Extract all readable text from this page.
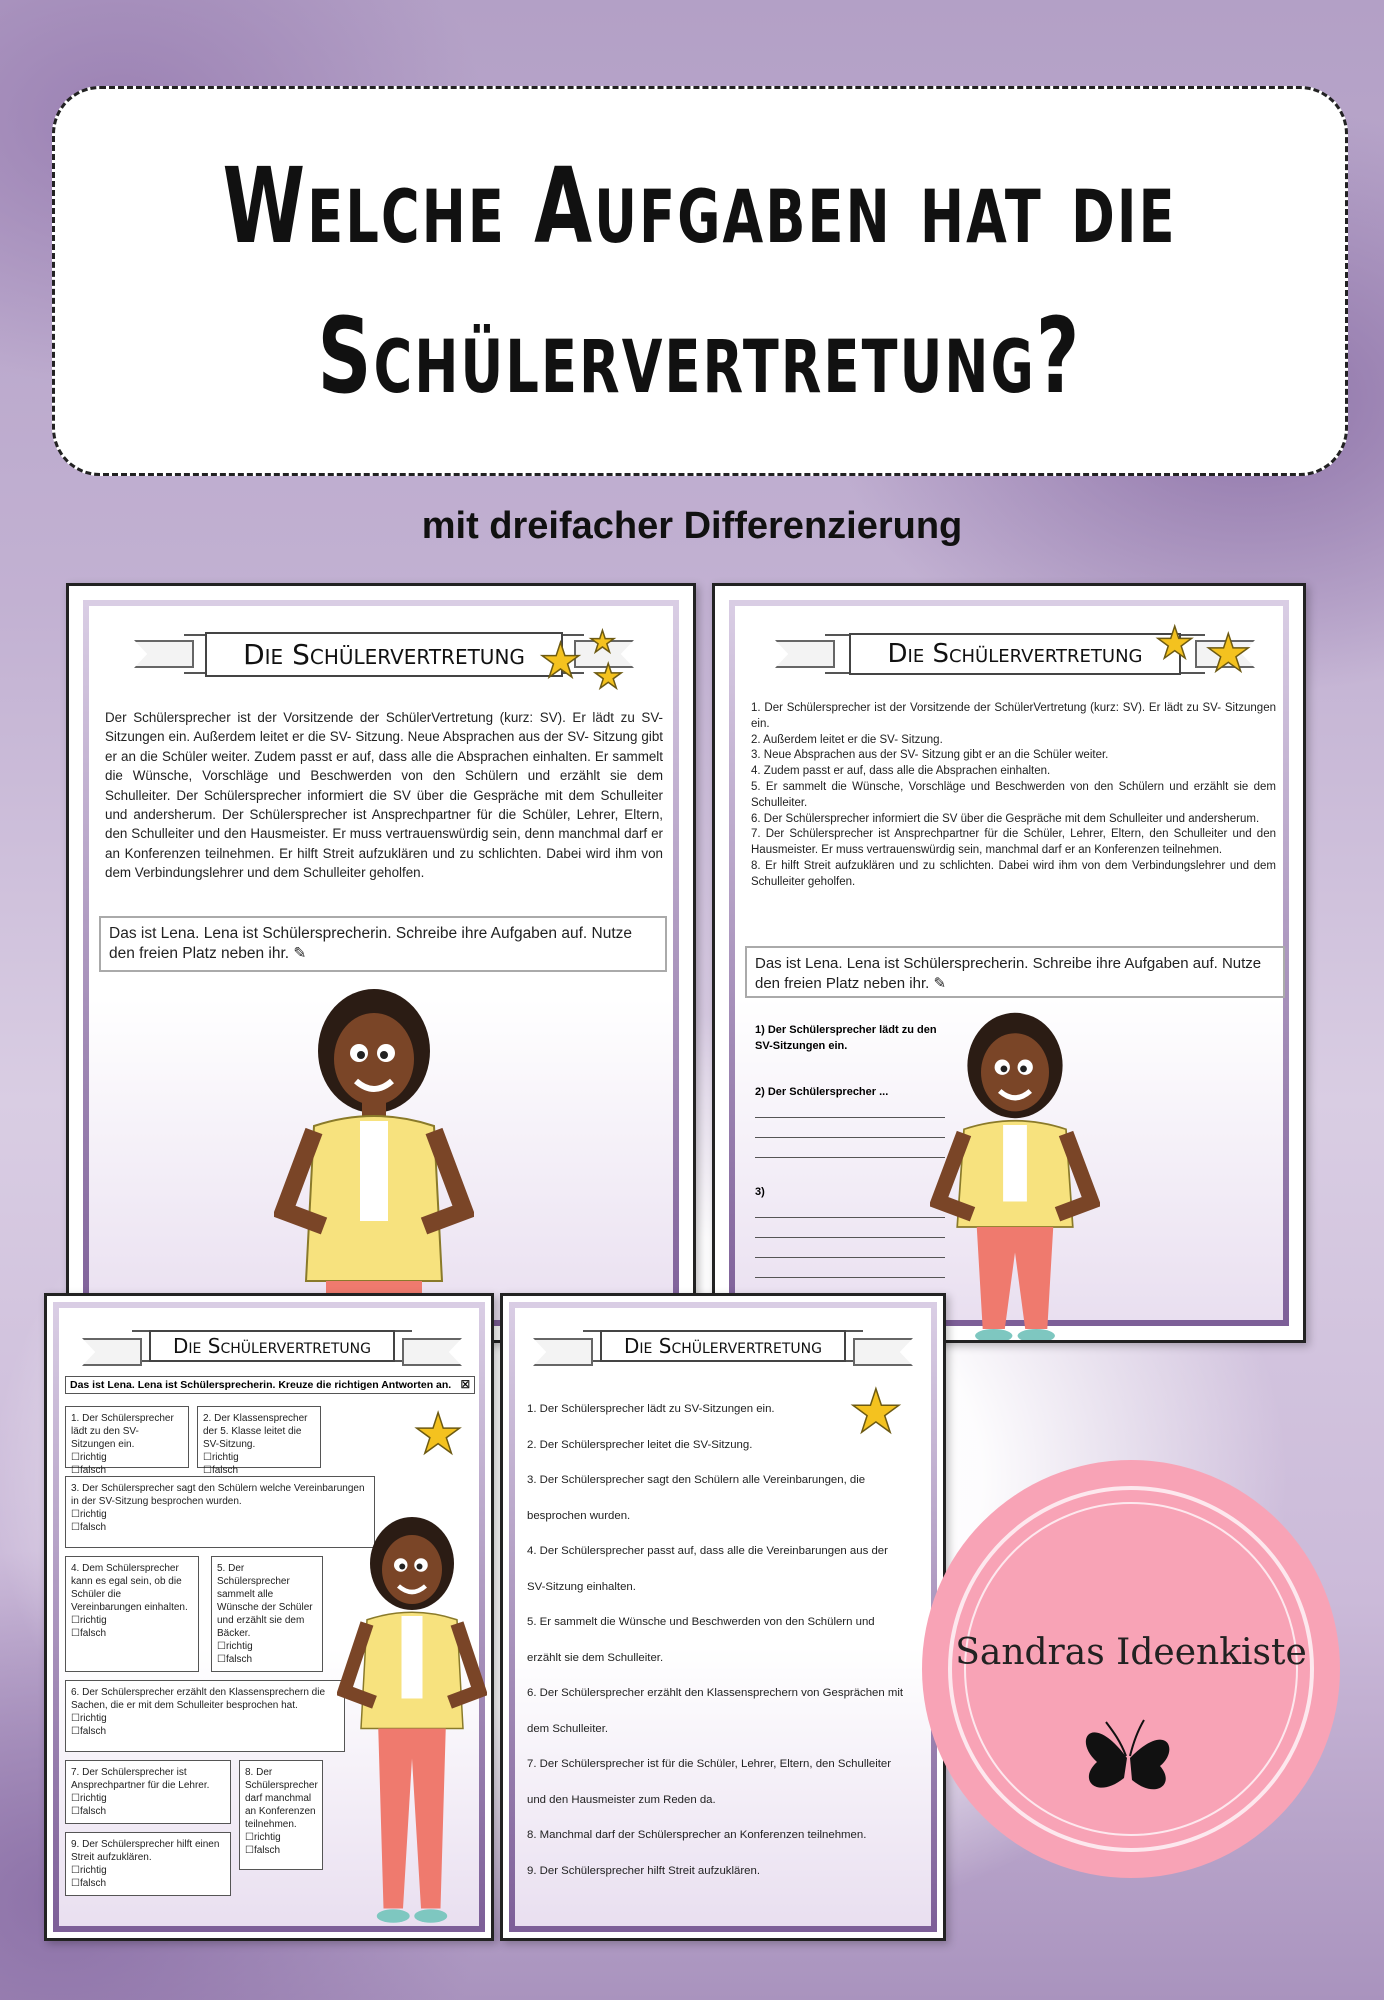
Welche Aufgaben hat die
Schülervertretung?
mit dreifacher Differenzierung
Die Schülervertretung ★ ★
★
Der Schülersprecher ist der Vorsitzende der SchülerVertretung (kurz: SV). Er lädt zu SV- Sitzungen ein. Außerdem leitet er die SV- Sitzung. Neue Absprachen aus der SV- Sitzung gibt er an die Schüler weiter. Zudem passt er auf, dass alle die Absprachen einhalten. Er sammelt die Wünsche, Vorschläge und Beschwerden von den Schülern und erzählt sie dem Schulleiter. Der Schülersprecher informiert die SV über die Gespräche mit dem Schulleiter und andersherum. Der Schülersprecher ist Ansprechpartner für die Schüler, Lehrer, Eltern, den Schulleiter und den Hausmeister. Er muss vertrauenswürdig sein, denn manchmal darf er an Konferenzen teilnehmen. Er hilft Streit aufzuklären und zu schlichten. Dabei wird ihm von dem Verbindungslehrer und dem Schulleiter geholfen.
Das ist Lena. Lena ist Schülersprecherin. Schreibe ihre Aufgaben auf. Nutze den freien Platz neben ihr. ✎
Die Schülervertretung ★ ★
1. Der Schülersprecher ist der Vorsitzende der SchülerVertretung (kurz: SV). Er lädt zu SV- Sitzungen ein.
2. Außerdem leitet er die SV- Sitzung.
3. Neue Absprachen aus der SV- Sitzung gibt er an die Schüler weiter.
4. Zudem passt er auf, dass alle die Absprachen einhalten.
5. Er sammelt die Wünsche, Vorschläge und Beschwerden von den Schülern und erzählt sie dem Schulleiter.
6. Der Schülersprecher informiert die SV über die Gespräche mit dem Schulleiter und andersherum.
7. Der Schülersprecher ist Ansprechpartner für die Schüler, Lehrer, Eltern, den Schulleiter und den Hausmeister. Er muss vertrauenswürdig sein, manchmal darf er an Konferenzen teilnehmen.
8. Er hilft Streit aufzuklären und zu schlichten. Dabei wird ihm von dem Verbindungslehrer und dem Schulleiter geholfen.
Das ist Lena. Lena ist Schülersprecherin. Schreibe ihre Aufgaben auf. Nutze den freien Platz neben ihr. ✎
1) Der Schülersprecher lädt zu den SV-Sitzungen ein.
2) Der Schülersprecher ...
3)
Die Schülervertretung
Das ist Lena. Lena ist Schülersprecherin. Kreuze die richtigen Antworten an. ☒
★
1. Der Schülersprecher lädt zu den SV-Sitzungen ein.
☐richtig
☐falsch
2. Der Klassensprecher der 5. Klasse leitet die SV-Sitzung.
☐richtig
☐falsch
3. Der Schülersprecher sagt den Schülern welche Vereinbarungen in der SV-Sitzung besprochen wurden.
☐richtig
☐falsch
4. Dem Schülersprecher kann es egal sein, ob die Schüler die Vereinbarungen einhalten.
☐richtig
☐falsch
5. Der Schülersprecher sammelt alle Wünsche der Schüler und erzählt sie dem Bäcker.
☐richtig
☐falsch
6. Der Schülersprecher erzählt den Klassensprechern die Sachen, die er mit dem Schulleiter besprochen hat.
☐richtig
☐falsch
7. Der Schülersprecher ist Ansprechpartner für die Lehrer.
☐richtig
☐falsch
8. Der Schülersprecher darf manchmal an Konferenzen teilnehmen.
☐richtig
☐falsch
9. Der Schülersprecher hilft einen Streit aufzuklären.
☐richtig
☐falsch
Die Schülervertretung
★
1. Der Schülersprecher lädt zu SV-Sitzungen ein.
2. Der Schülersprecher leitet die SV-Sitzung.
3. Der Schülersprecher sagt den Schülern alle Vereinbarungen, die besprochen wurden.
4. Der Schülersprecher passt auf, dass alle die Vereinbarungen aus der SV-Sitzung einhalten.
5. Er sammelt die Wünsche und Beschwerden von den Schülern und erzählt sie dem Schulleiter.
6. Der Schülersprecher erzählt den Klassensprechern von Gesprächen mit dem Schulleiter.
7. Der Schülersprecher ist für die Schüler, Lehrer, Eltern, den Schulleiter und den Hausmeister zum Reden da.
8. Manchmal darf der Schülersprecher an Konferenzen teilnehmen.
9. Der Schülersprecher hilft Streit aufzuklären.
Sandras Ideenkiste
